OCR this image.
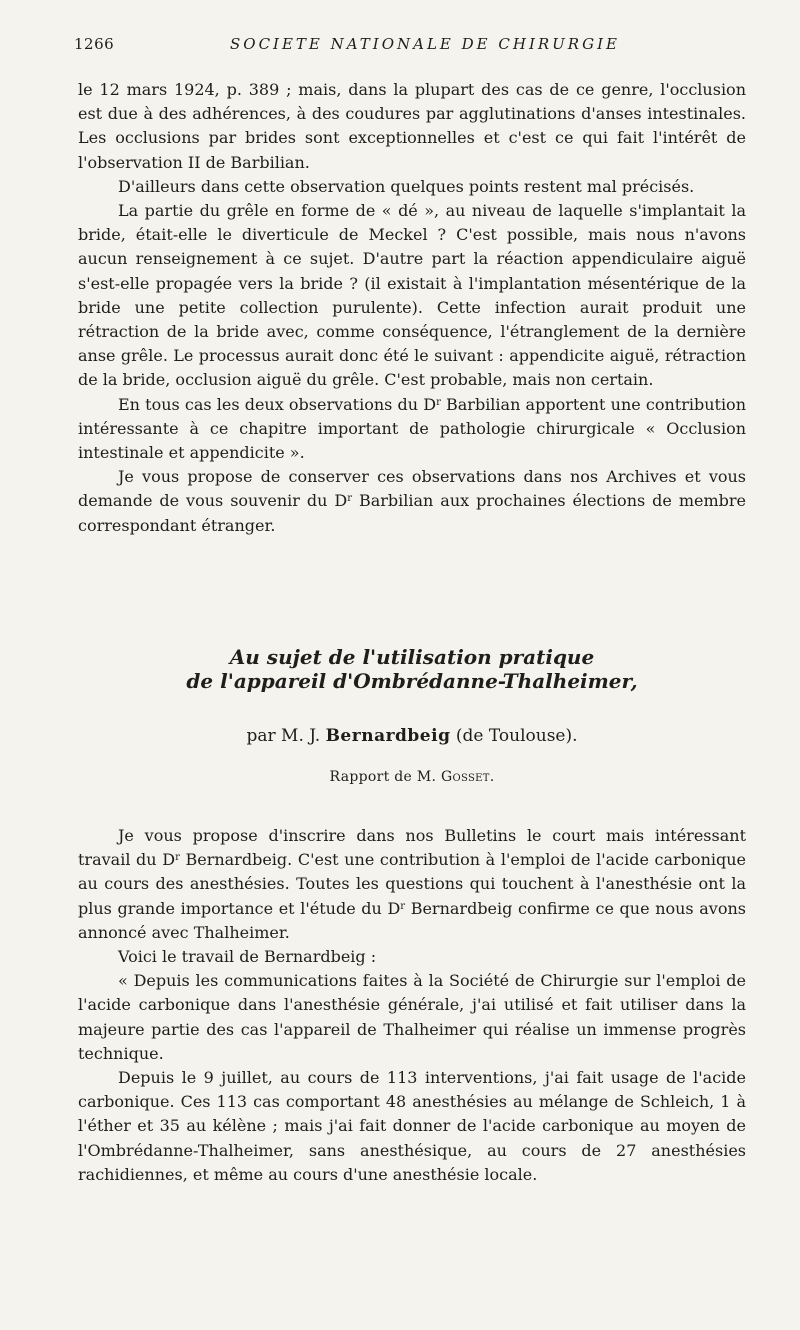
1266	SOCIETE NATIONALE DE CHIRURGIE

le 12 mars 1924, p. 389 ; mais, dans la plupart des cas de ce genre, l'occlusion est due à des adhérences, à des coudures par agglutinations d'anses intestinales. Les occlusions par brides sont exceptionnelles et c'est ce qui fait l'intérêt de l'observation II de Barbilian.

D'ailleurs dans cette observation quelques points restent mal précisés.

La partie du grêle en forme de « dé », au niveau de laquelle s'implantait la bride, était-elle le diverticule de Meckel ? C'est possible, mais nous n'avons aucun renseignement à ce sujet. D'autre part la réaction appendiculaire aiguë s'est-elle propagée vers la bride ? (il existait à l'implantation mésentérique de la bride une petite collection purulente). Cette infection aurait produit une rétraction de la bride avec, comme conséquence, l'étranglement de la dernière anse grêle. Le processus aurait donc été le suivant : appendicite aiguë, rétraction de la bride, occlusion aiguë du grêle. C'est probable, mais non certain.

En tous cas les deux observations du $D^r$ Barbilian apportent une contribution intéressante à ce chapitre important de pathologie chirurgicale « Occlusion intestinale et appendicite ».

Je vous propose de conserver ces observations dans nos Archives et vous demande de vous souvenir du $D^r$ Barbilian aux prochaines élections de membre correspondant étranger.

Au sujet de l'utilisation pratique
de l'appareil d'Ombrédanne-Thalheimer,

par M. J. Bernardbeig (de Toulouse).

Rapport de M. Gosset.

Je vous propose d'inscrire dans nos Bulletins le court mais intéressant travail du $D^r$ Bernardbeig. C'est une contribution à l'emploi de l'acide carbonique au cours des anesthésies. Toutes les questions qui touchent à l'anesthésie ont la plus grande importance et l'étude du $D^r$ Bernardbeig confirme ce que nous avons annoncé avec Thalheimer.

Voici le travail de Bernardbeig :

« Depuis les communications faites à la Société de Chirurgie sur l'emploi de l'acide carbonique dans l'anesthésie générale, j'ai utilisé et fait utiliser dans la majeure partie des cas l'appareil de Thalheimer qui réalise un immense progrès technique.

Depuis le 9 juillet, au cours de 113 interventions, j'ai fait usage de l'acide carbonique. Ces 113 cas comportant 48 anesthésies au mélange de Schleich, 1 à l'éther et 35 au kélène ; mais j'ai fait donner de l'acide carbonique au moyen de l'Ombrédanne-Thalheimer, sans anesthésique, au cours de 27 anesthésies rachidiennes, et même au cours d'une anesthésie locale.
